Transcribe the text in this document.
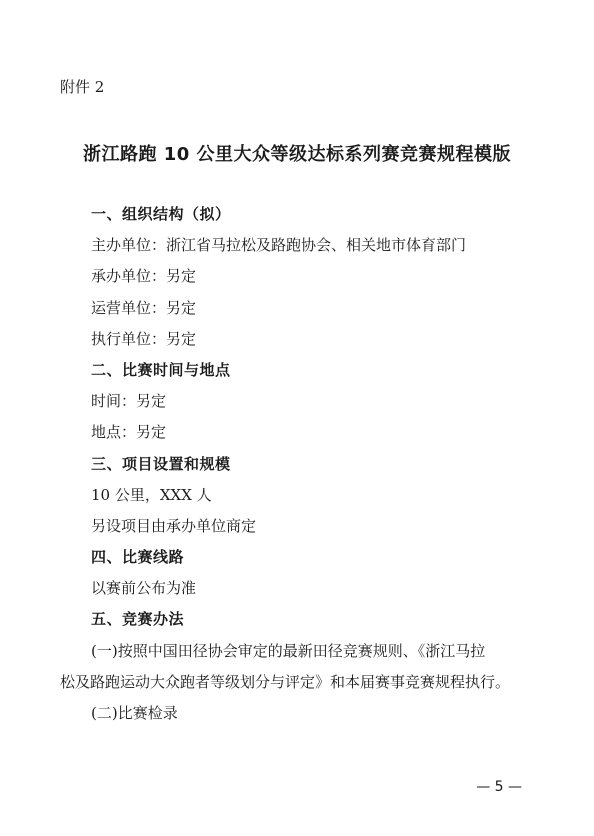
附件 2
浙江路跑 10 公里大众等级达标系列赛竞赛规程模版
一、组织结构（拟）
主办单位：浙江省马拉松及路跑协会、相关地市体育部门
承办单位：另定
运营单位：另定
执行单位：另定
二、比赛时间与地点
时间：另定
地点：另定
三、项目设置和规模
10 公里，XXX 人
另设项目由承办单位商定
四、比赛线路
以赛前公布为准
五、竞赛办法
(一)按照中国田径协会审定的最新田径竞赛规则、《浙江马拉
松及路跑运动大众跑者等级划分与评定》和本届赛事竞赛规程执行。
(二)比赛检录
— 5 —
